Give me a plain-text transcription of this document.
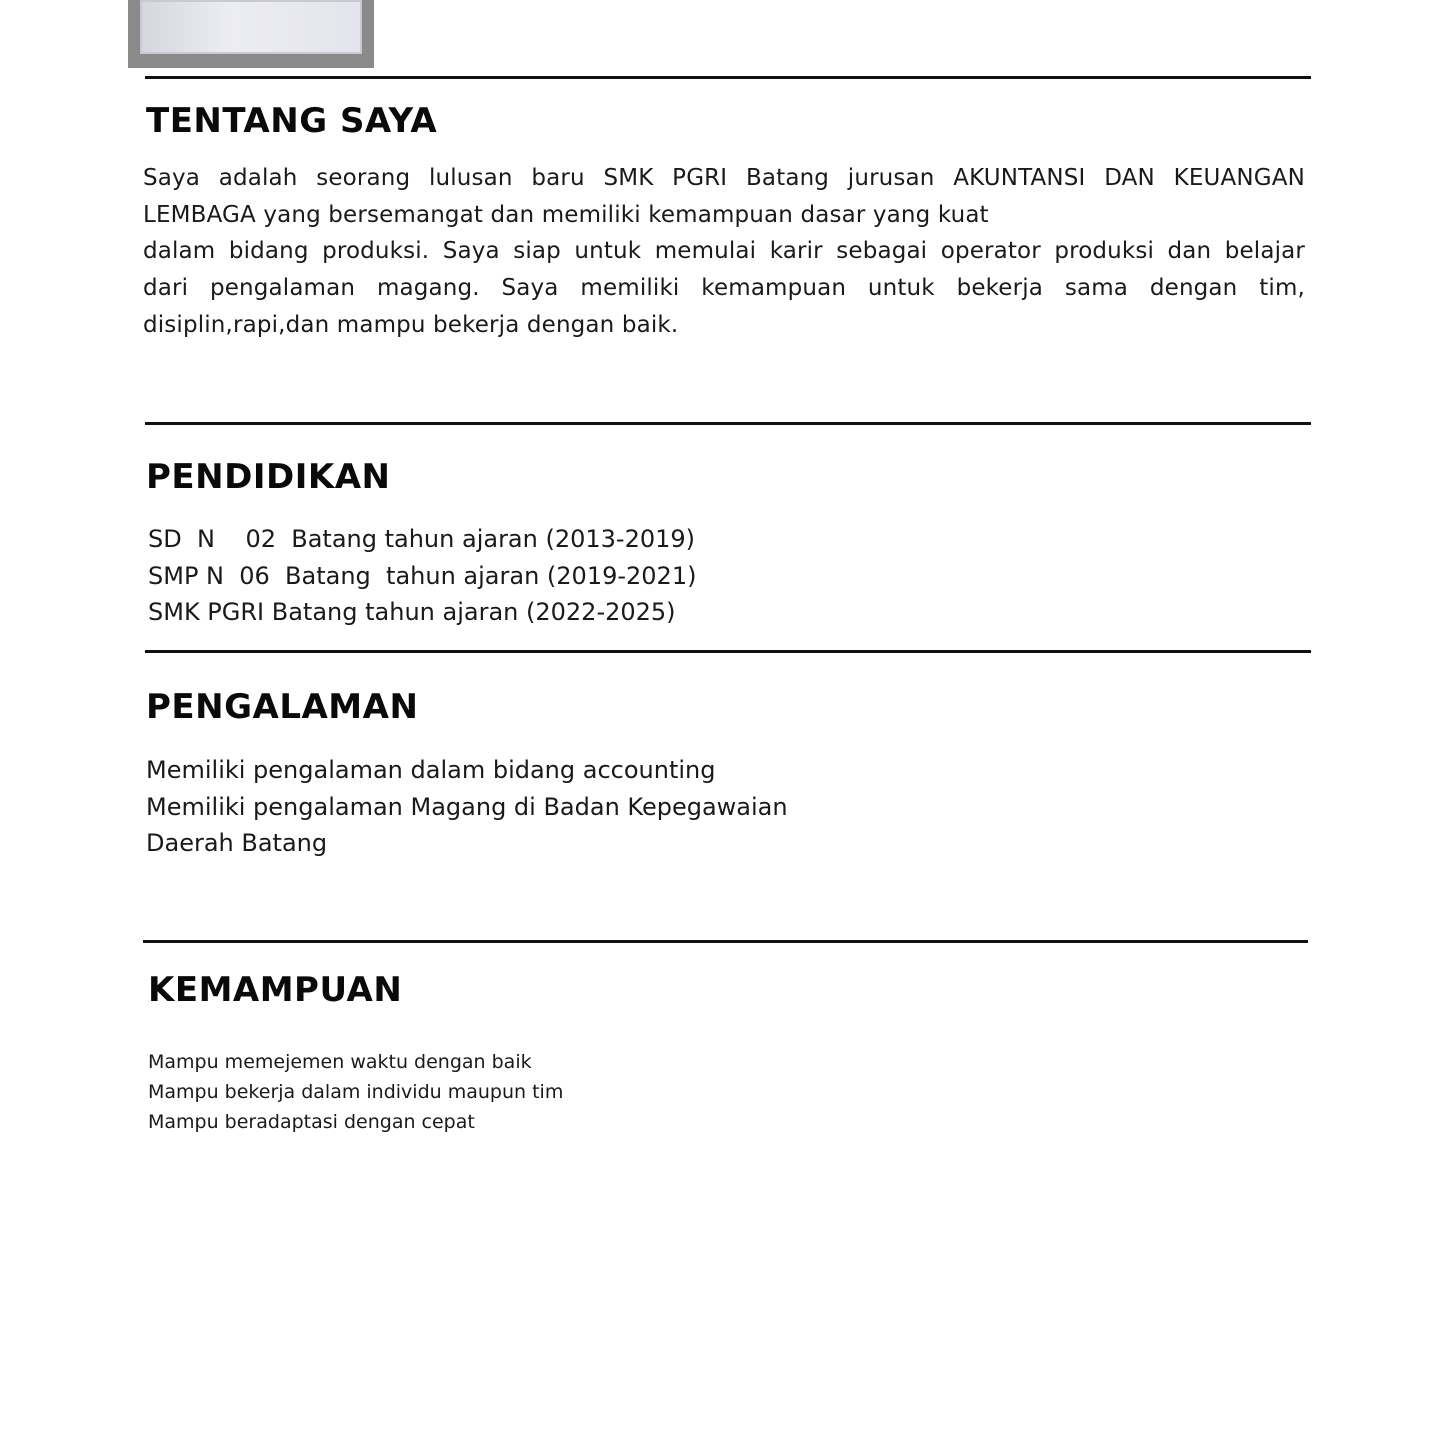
TENTANG SAYA

Saya adalah seorang lulusan baru SMK PGRI Batang jurusan AKUNTANSI DAN KEUANGAN
LEMBAGA yang bersemangat dan memiliki kemampuan dasar yang kuat
dalam bidang produksi. Saya siap untuk memulai karir sebagai operator produksi dan belajar
dari pengalaman magang. Saya memiliki kemampuan untuk bekerja sama dengan tim,
disiplin,rapi,dan mampu bekerja dengan baik.

PENDIDIKAN
SD  N    02  Batang tahun ajaran (2013-2019)
SMP N  06  Batang  tahun ajaran (2019-2021)
SMK PGRI Batang tahun ajaran (2022-2025)
PENGALAMAN
Memiliki pengalaman dalam bidang accounting
Memiliki pengalaman Magang di Badan Kepegawaian
Daerah Batang
KEMAMPUAN
Mampu memejemen waktu dengan baik
Mampu bekerja dalam individu maupun tim
Mampu beradaptasi dengan cepat
